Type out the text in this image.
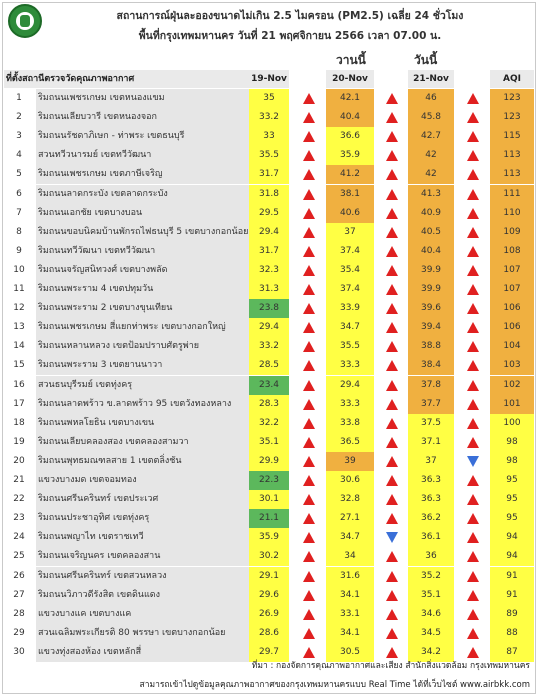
สถานการณ์ฝุ่นละอองขนาดไม่เกิน 2.5 ไมครอน (PM2.5) เฉลี่ย 24 ชั่วโมง
พื้นที่กรุงเทพมหานคร วันที่ 21 พฤศจิกายน 2566 เวลา 07.00 น.
วานนี้	วันนี้
ที่ตั้งสถานีตรวจวัดคุณภาพอากาศ	19-Nov	20-Nov	21-Nov	AQI
1	ริมถนนเพชรเกษม เขตหนองแขม	35	42.1	46	123
2	ริมถนนเลียบวารี เขตหนองจอก	33.2	40.4	45.8	123
3	ริมถนนรัชดาภิเษก - ท่าพระ เขตธนบุรี	33	36.6	42.7	115
4	สวนทวีวนารมย์ เขตทวีวัฒนา	35.5	35.9	42	113
5	ริมถนนเพชรเกษม เขตภาษีเจริญ	31.7	41.2	42	113
6	ริมถนนลาดกระบัง เขตลาดกระบัง	31.8	38.1	41.3	111
7	ริมถนนเอกชัย เขตบางบอน	29.5	40.6	40.9	110
8	ริมถนนขอบนิคมบ้านพักรถไฟธนบุรี 5 เขตบางกอกน้อย	29.4	37	40.5	109
9	ริมถนนทวีวัฒนา เขตทวีวัฒนา	31.7	37.4	40.4	108
10	ริมถนนจรัญสนิทวงศ์ เขตบางพลัด	32.3	35.4	39.9	107
11	ริมถนนพระราม 4 เขตปทุมวัน	31.3	37.4	39.9	107
12	ริมถนนพระราม 2 เขตบางขุนเทียน	23.8	33.9	39.6	106
13	ริมถนนเพชรเกษม สี่แยกท่าพระ เขตบางกอกใหญ่	29.4	34.7	39.4	106
14	ริมถนนหลานหลวง เขตป้อมปราบศัตรูพ่าย	33.2	35.5	38.8	104
15	ริมถนนพระราม 3 เขตยานนาวา	28.5	33.3	38.4	103
16	สวนธนบุรีรมย์ เขตทุ่งครุ	23.4	29.4	37.8	102
17	ริมถนนลาดพร้าว ข.ลาดพร้าว 95 เขตวังทองหลาง	28.3	33.3	37.7	101
18	ริมถนนพหลโยธิน เขตบางเขน	32.2	33.8	37.5	100
19	ริมถนนเลียบคลองสอง เขตคลองสามวา	35.1	36.5	37.1	98
20	ริมถนนพุทธมณฑลสาย 1 เขตตลิ่งชัน	29.9	39	37	98
21	แขวงบางมด เขตจอมทอง	22.3	30.6	36.3	95
22	ริมถนนศรีนครินทร์ เขตประเวศ	30.1	32.8	36.3	95
23	ริมถนนประชาอุทิศ เขตทุ่งครุ	21.1	27.1	36.2	95
24	ริมถนนพญาไท เขตราชเทวี	35.9	34.7	36.1	94
25	ริมถนนเจริญนคร เขตคลองสาน	30.2	34	36	94
26	ริมถนนศรีนครินทร์ เขตสวนหลวง	29.1	31.6	35.2	91
27	ริมถนนวิภาวดีรังสิต เขตดินแดง	29.6	34.1	35.1	91
28	แขวงบางแค เขตบางแค	26.9	33.1	34.6	89
29	สวนเฉลิมพระเกียรติ 80 พรรษา เขตบางกอกน้อย	28.6	34.1	34.5	88
30	แขวงทุ่งสองห้อง เขตหลักสี่	29.7	30.5	34.2	87
ที่มา : กองจัดการคุณภาพอากาศและเสียง สำนักสิ่งแวดล้อม กรุงเทพมหานคร
สามารถเข้าไปดูข้อมูลคุณภาพอากาศของกรุงเทพมหานครแบบ Real Time ได้ที่เว็บไซต์ www.airbkk.com
